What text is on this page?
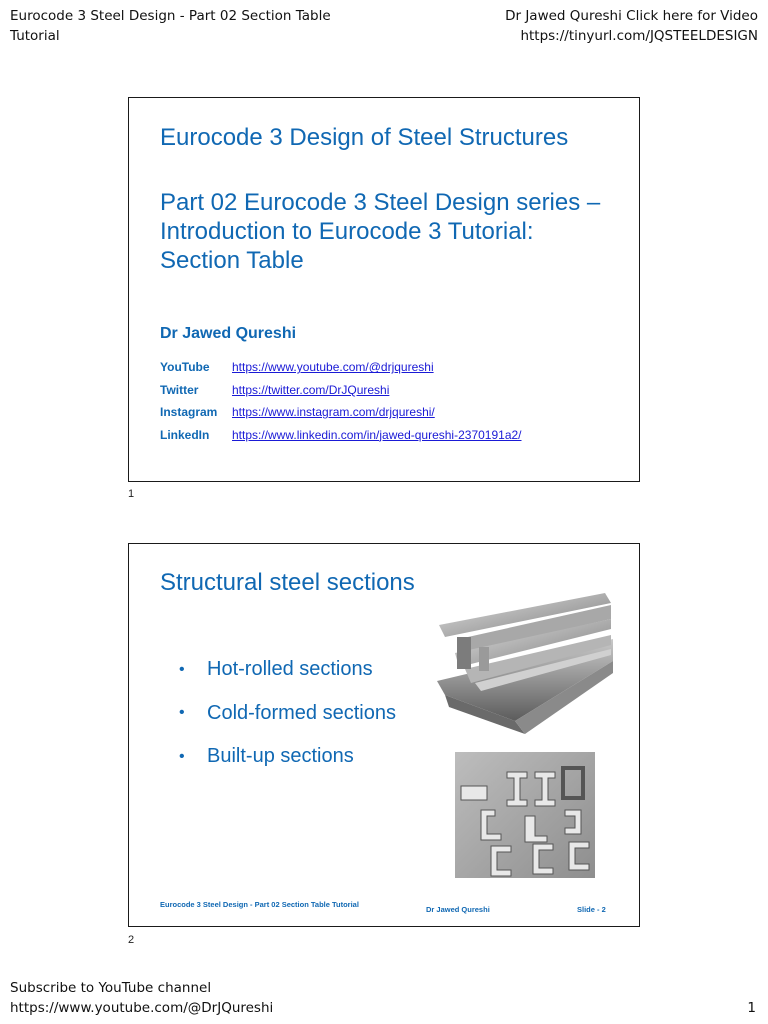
Eurocode 3 Steel Design - Part 02 Section Table
Tutorial
Dr Jawed Qureshi Click here for Video
https://tinyurl.com/JQSTEELDESIGN
Eurocode 3 Design of Steel Structures
Part 02 Eurocode 3 Steel Design series – Introduction to Eurocode 3 Tutorial: Section Table
Dr Jawed Qureshi
YouTube	https://www.youtube.com/@drjqureshi
Twitter	https://twitter.com/DrJQureshi
Instagram	https://www.instagram.com/drjqureshi/
LinkedIn	https://www.linkedin.com/in/jawed-qureshi-2370191a2/
1
Structural steel sections
•	Hot-rolled sections
•	Cold-formed sections
•	Built-up sections
Eurocode 3 Steel Design - Part 02 Section Table Tutorial
Dr Jawed Qureshi	Slide - 2
2
Subscribe to YouTube channel
https://www.youtube.com/@DrJQureshi	1
